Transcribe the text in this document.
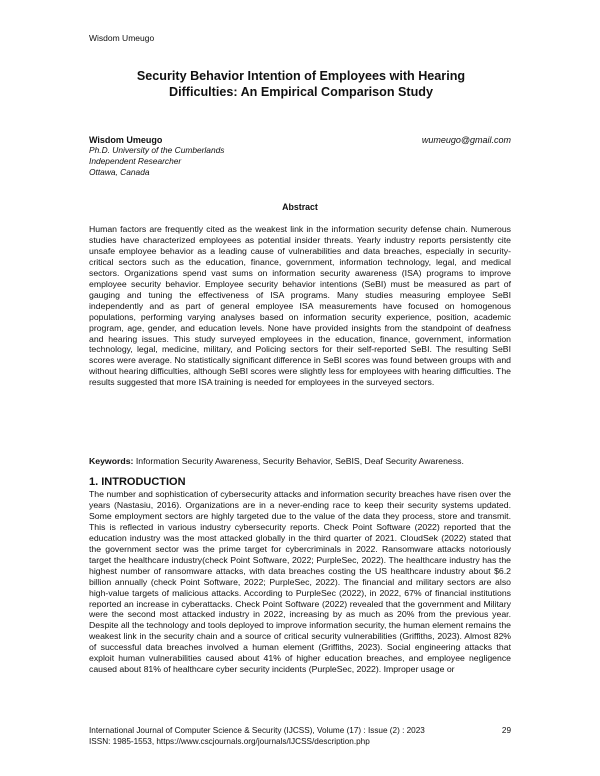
Wisdom Umeugo
Security Behavior Intention of Employees with Hearing
Difficulties: An Empirical Comparison Study
Wisdom Umeugo	wumeugo@gmail.com
Ph.D. University of the Cumberlands
Independent Researcher
Ottawa, Canada
Abstract
Human factors are frequently cited as the weakest link in the information security defense chain. Numerous studies have characterized employees as potential insider threats. Yearly industry reports persistently cite unsafe employee behavior as a leading cause of vulnerabilities and data breaches, especially in security-critical sectors such as the education, finance, government, information technology, legal, and medical sectors. Organizations spend vast sums on information security awareness (ISA) programs to improve employee security behavior. Employee security behavior intentions (SeBI) must be measured as part of gauging and tuning the effectiveness of ISA programs. Many studies measuring employee SeBI independently and as part of general employee ISA measurements have focused on homogenous populations, performing varying analyses based on information security experience, position, academic program, age, gender, and education levels. None have provided insights from the standpoint of deafness and hearing issues. This study surveyed employees in the education, finance, government, information technology, legal, medicine, military, and Policing sectors for their self-reported SeBI. The resulting SeBI scores were average. No statistically significant difference in SeBI scores was found between groups with and without hearing difficulties, although SeBI scores were slightly less for employees with hearing difficulties. The results suggested that more ISA training is needed for employees in the surveyed sectors.
Keywords: Information Security Awareness, Security Behavior, SeBIS, Deaf Security Awareness.
1. INTRODUCTION
The number and sophistication of cybersecurity attacks and information security breaches have risen over the years (Nastasiu, 2016). Organizations are in a never-ending race to keep their security systems updated. Some employment sectors are highly targeted due to the value of the data they process, store and transmit. This is reflected in various industry cybersecurity reports. Check Point Software (2022) reported that the education industry was the most attacked globally in the third quarter of 2021. CloudSek (2022) stated that the government sector was the prime target for cybercriminals in 2022. Ransomware attacks notoriously target the healthcare industry(check Point Software, 2022; PurpleSec, 2022). The healthcare industry has the highest number of ransomware attacks, with data breaches costing the US healthcare industry about $6.2 billion annually (check Point Software, 2022; PurpleSec, 2022). The financial and military sectors are also high-value targets of malicious attacks. According to PurpleSec (2022), in 2022, 67% of financial institutions reported an increase in cyberattacks. Check Point Software (2022) revealed that the government and Military were the second most attacked industry in 2022, increasing by as much as 20% from the previous year. Despite all the technology and tools deployed to improve information security, the human element remains the weakest link in the security chain and a source of critical security vulnerabilities (Griffiths, 2023). Almost 82% of successful data breaches involved a human element (Griffiths, 2023). Social engineering attacks that exploit human vulnerabilities caused about 41% of higher education breaches, and employee negligence caused about 81% of healthcare cyber security incidents (PurpleSec, 2022). Improper usage or
International Journal of Computer Science & Security (IJCSS), Volume (17) : Issue (2) : 2023	29
ISSN: 1985-1553, https://www.cscjournals.org/journals/IJCSS/description.php
